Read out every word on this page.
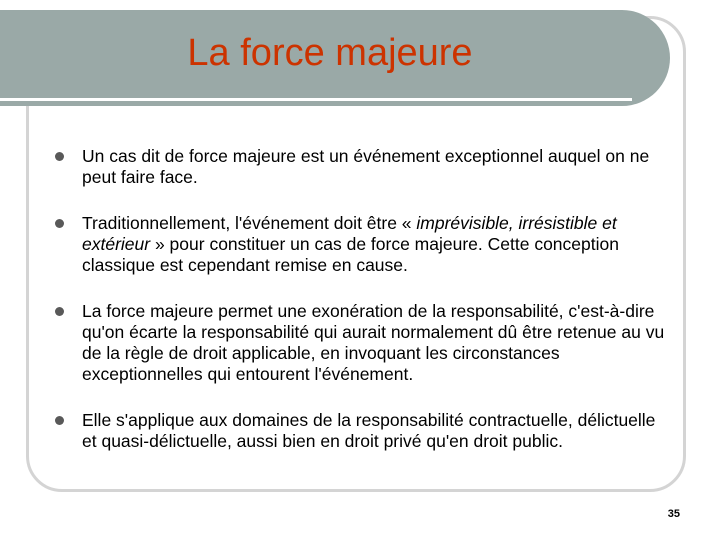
La force majeure
Un cas dit de force majeure est un événement exceptionnel auquel on ne peut faire face.
Traditionnellement, l'événement doit être « imprévisible, irrésistible et extérieur » pour constituer un cas de force majeure. Cette conception classique est cependant remise en cause.
La force majeure permet une exonération de la responsabilité, c'est-à-dire qu'on écarte la responsabilité qui aurait normalement dû être retenue au vu de la règle de droit applicable, en invoquant les circonstances exceptionnelles qui entourent l'événement.
Elle s'applique aux domaines de la responsabilité contractuelle, délictuelle et quasi-délictuelle, aussi bien en droit privé qu'en droit public.
35
